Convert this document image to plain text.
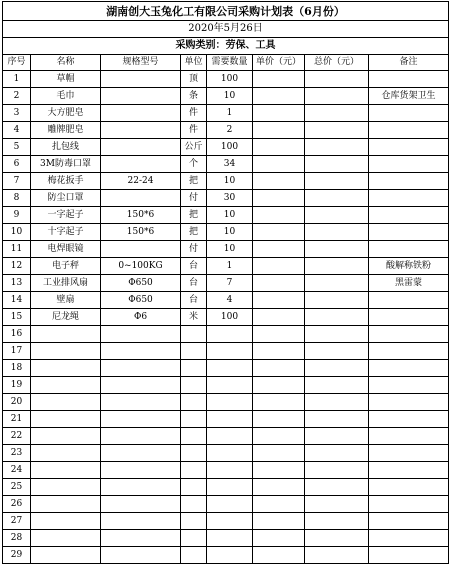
湖南创大玉兔化工有限公司采购计划表（6月份）							
2020年5月26日							
采购类别：劳保、工具							
序号	名称	规格型号	单位	需要数量	单价（元）	总价（元）	备注
1	草帽		顶	100			
2	毛巾		条	10			仓库货架卫生
3	大方肥皂		件	1			
4	雕牌肥皂		件	2			
5	扎包线		公斤	100			
6	3M防毒口罩		个	34			
7	梅花扳手	22-24	把	10			
8	防尘口罩		付	30			
9	一字起子	150*6	把	10			
10	十字起子	150*6	把	10			
11	电焊眼镜		付	10			
12	电子秤	0~100KG	台	1			酸解称铁粉
13	工业排风扇	Φ650	台	7			黑雷蒙
14	壁扇	Φ650	台	4			
15	尼龙绳	Φ6	米	100			
16							
17							
18							
19							
20							
21							
22							
23							
24							
25							
26							
27							
28							
29							
